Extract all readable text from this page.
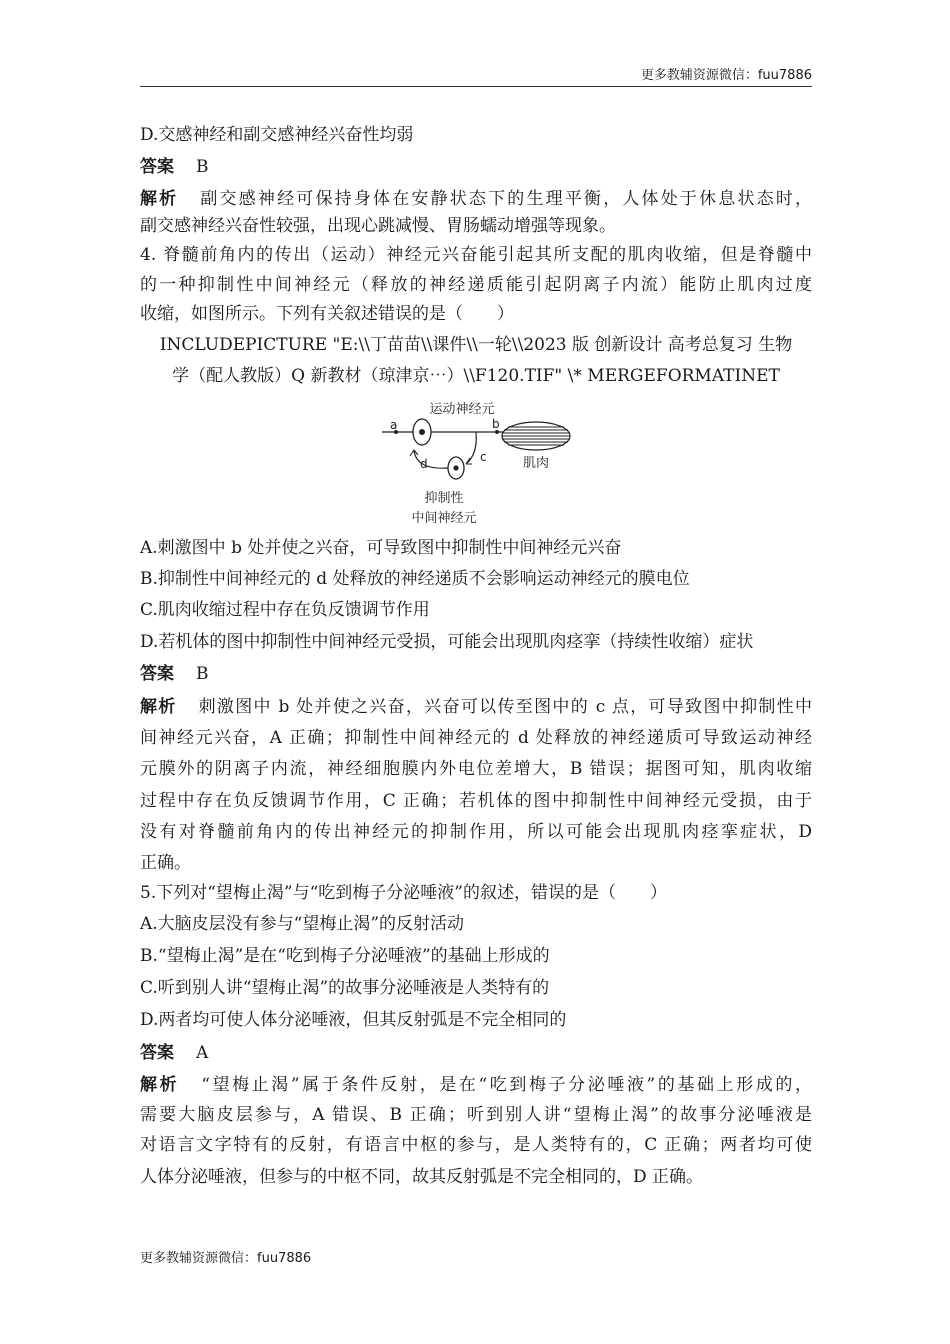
更多教辅资源微信：fuu7886
D.交感神经和副交感神经兴奋性均弱
答案 B
解析 副交感神经可保持身体在安静状态下的生理平衡，人体处于休息状态时，
副交感神经兴奋性较强，出现心跳减慢、胃肠蠕动增强等现象。
4. 脊髓前角内的传出（运动）神经元兴奋能引起其所支配的肌肉收缩，但是脊髓中
的一种抑制性中间神经元（释放的神经递质能引起阴离子内流）能防止肌肉过度
收缩，如图所示。下列有关叙述错误的是（　　）
INCLUDEPICTURE "E:\\丁苗苗\\课件\\一轮\\2023 版 创新设计 高考总复习 生物
学（配人教版）Q 新教材（琼津京⋯）\\F120.TIF" \* MERGEFORMATINET
运动神经元
a	b
肌肉
c
d
抑制性
中间神经元
A.刺激图中 b 处并使之兴奋，可导致图中抑制性中间神经元兴奋
B.抑制性中间神经元的 d 处释放的神经递质不会影响运动神经元的膜电位
C.肌肉收缩过程中存在负反馈调节作用
D.若机体的图中抑制性中间神经元受损，可能会出现肌肉痉挛（持续性收缩）症状
答案 B
解析 刺激图中 b 处并使之兴奋，兴奋可以传至图中的 c 点，可导致图中抑制性中
间神经元兴奋，A 正确；抑制性中间神经元的 d 处释放的神经递质可导致运动神经
元膜外的阴离子内流，神经细胞膜内外电位差增大，B 错误；据图可知，肌肉收缩
过程中存在负反馈调节作用，C 正确；若机体的图中抑制性中间神经元受损，由于
没有对脊髓前角内的传出神经元的抑制作用，所以可能会出现肌肉痉挛症状，D
正确。
5.下列对“望梅止渴”与“吃到梅子分泌唾液”的叙述，错误的是（　　）
A.大脑皮层没有参与“望梅止渴”的反射活动
B.“望梅止渴”是在“吃到梅子分泌唾液”的基础上形成的
C.听到别人讲“望梅止渴”的故事分泌唾液是人类特有的
D.两者均可使人体分泌唾液，但其反射弧是不完全相同的
答案 A
解析 “望梅止渴”属于条件反射，是在“吃到梅子分泌唾液”的基础上形成的，
需要大脑皮层参与，A 错误、B 正确；听到别人讲“望梅止渴”的故事分泌唾液是
对语言文字特有的反射，有语言中枢的参与，是人类特有的，C 正确；两者均可使
人体分泌唾液，但参与的中枢不同，故其反射弧是不完全相同的，D 正确。
更多教辅资源微信：fuu7886
